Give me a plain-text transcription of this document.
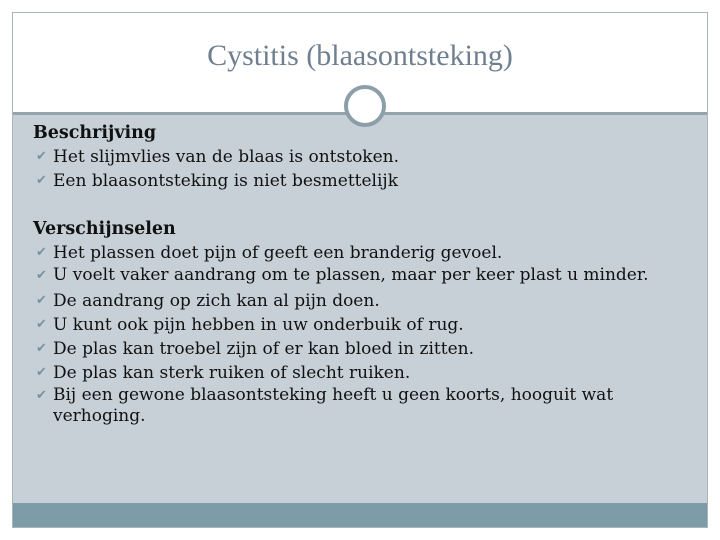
Cystitis (blaasontsteking)

Beschrijving

✔ Het slijmvlies van de blaas is ontstoken.
✔ Een blaasontsteking is niet besmettelijk

Verschijnselen

✔ Het plassen doet pijn of geeft een branderig gevoel.
✔ U voelt vaker aandrang om te plassen, maar per keer plast u minder.
✔ De aandrang op zich kan al pijn doen.
✔ U kunt ook pijn hebben in uw onderbuik of rug.
✔ De plas kan troebel zijn of er kan bloed in zitten.
✔ De plas kan sterk ruiken of slecht ruiken.
✔ Bij een gewone blaasontsteking heeft u geen koorts, hooguit wat verhoging.
